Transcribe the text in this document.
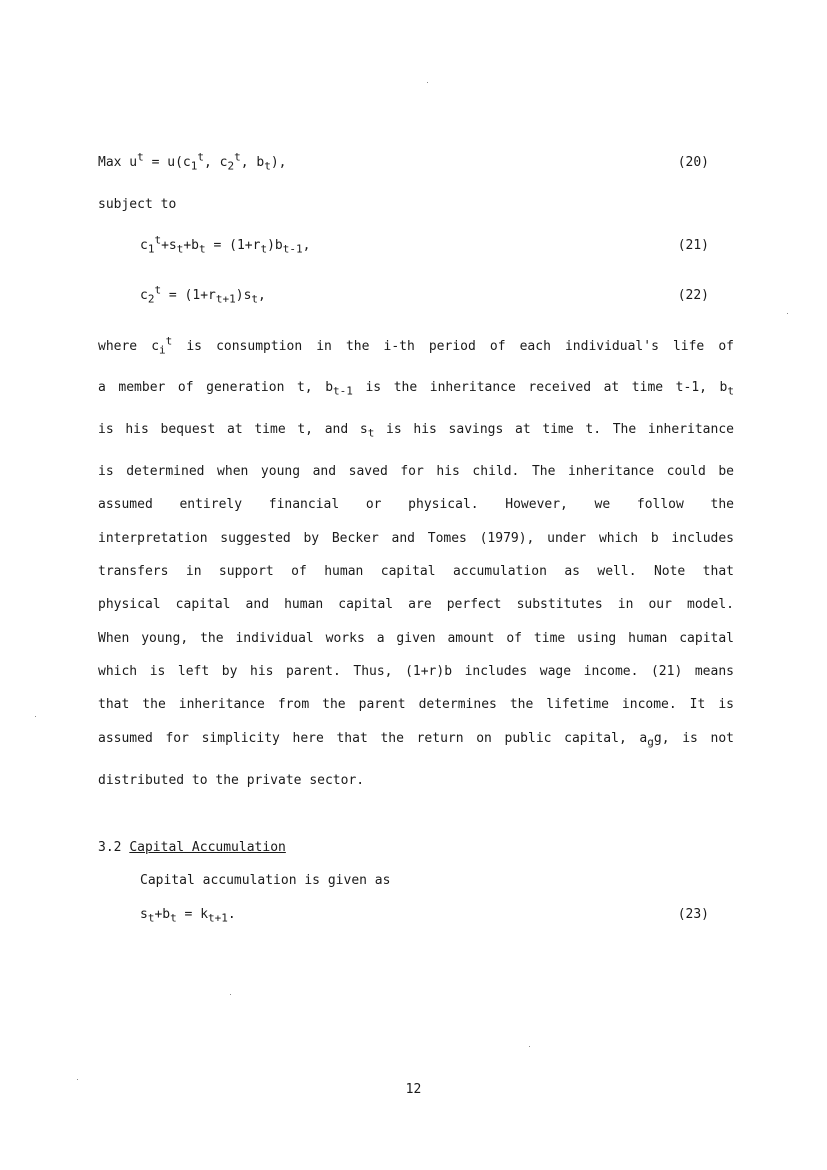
Max $u^t = u(c_1^t$, $c_2^t$, $b_t$),	(20)
subject to
$c_1^t+s_t+b_t = (1+r_t)b_{t-1}$,	(21)
$c_2^t = (1+r_{t+1})s_t$,	(22)
where $c_i^t$ is consumption in the i-th period of each individual's life of
a member of generation t, $b_{t-1}$ is the inheritance received at time t-1, $b_t$
is his bequest at time t, and $s_t$ is his savings at time t. The inheritance
is determined when young and saved for his child. The inheritance could be
assumed entirely financial or physical. However, we follow the
interpretation suggested by Becker and Tomes (1979), under which b includes
transfers in support of human capital accumulation as well. Note that
physical capital and human capital are perfect substitutes in our model.
When young, the individual works a given amount of time using human capital
which is left by his parent. Thus, (1+r)b includes wage income. (21) means
that the inheritance from the parent determines the lifetime income. It is
assumed for simplicity here that the return on public capital, $a_gg$, is not
distributed to the private sector.
3.2 Capital Accumulation
Capital accumulation is given as
$s_t+b_t = k_{t+1}$.	(23)
12
